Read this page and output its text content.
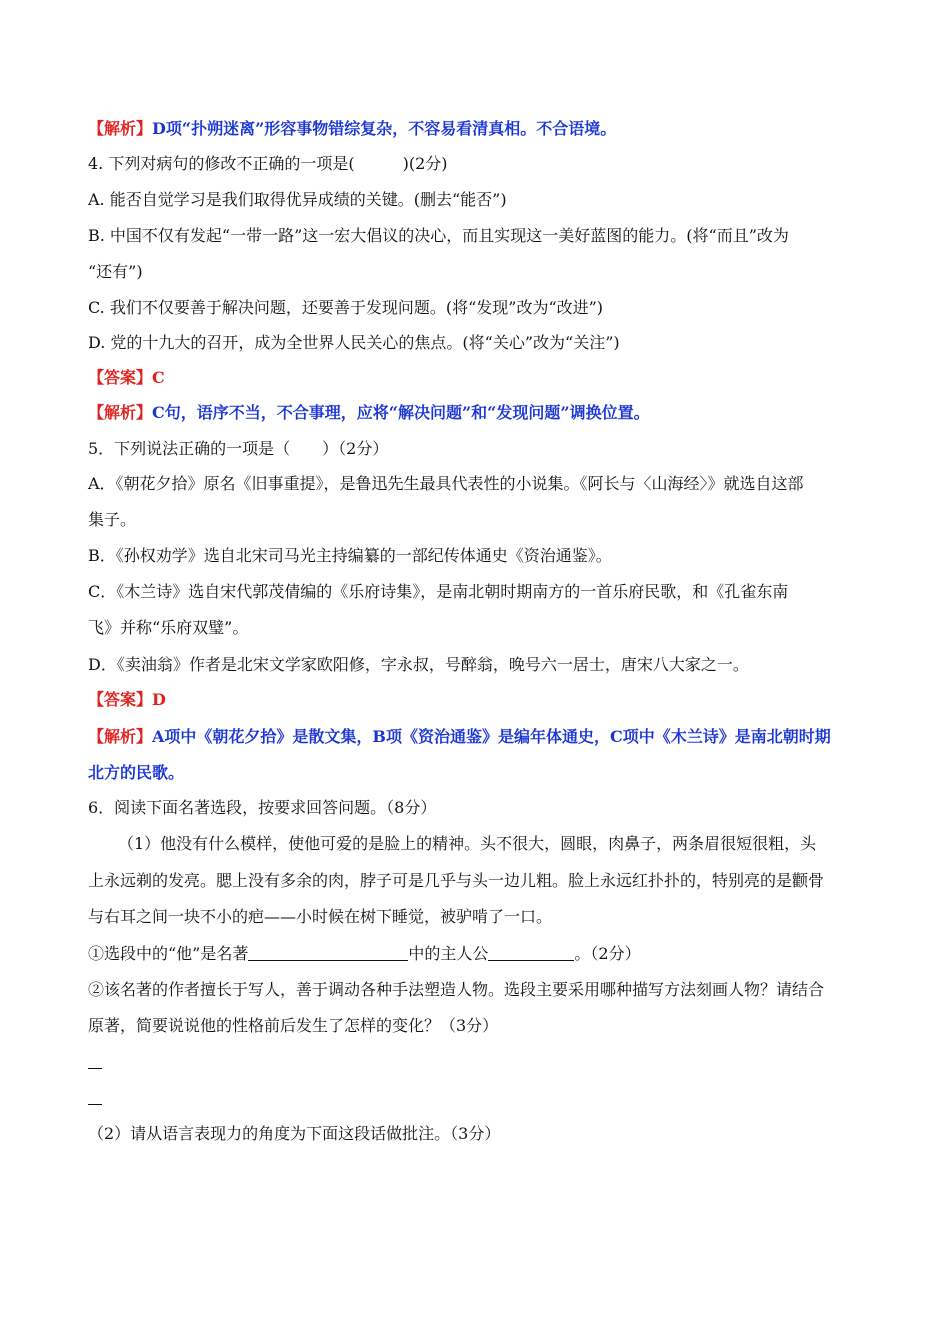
【解析】D项“扑朔迷离”形容事物错综复杂，不容易看清真相。不合语境。
4. 下列对病句的修改不正确的一项是(　　　)(2分)
A. 能否自觉学习是我们取得优异成绩的关键。(删去“能否”)
B. 中国不仅有发起“一带一路”这一宏大倡议的决心，而且实现这一美好蓝图的能力。(将“而且”改为
“还有”)
C. 我们不仅要善于解决问题，还要善于发现问题。(将“发现”改为“改进”)
D. 党的十九大的召开，成为全世界人民关心的焦点。(将“关心”改为“关注”)
【答案】C
【解析】C句，语序不当，不合事理，应将“解决问题”和“发现问题”调换位置。
5．下列说法正确的一项是（　　）（2分）
A．《朝花夕拾》原名《旧事重提》，是鲁迅先生最具代表性的小说集。《阿长与〈山海经〉》就选自这部
集子。
B．《孙权劝学》选自北宋司马光主持编纂的一部纪传体通史《资治通鉴》。
C．《木兰诗》选自宋代郭茂倩编的《乐府诗集》，是南北朝时期南方的一首乐府民歌，和《孔雀东南
飞》并称“乐府双璧”。
D．《卖油翁》作者是北宋文学家欧阳修，字永叔，号醉翁，晚号六一居士，唐宋八大家之一。
【答案】D
【解析】A项中《朝花夕拾》是散文集，B项《资治通鉴》是编年体通史，C项中《木兰诗》是南北朝时期
北方的民歌。
6．阅读下面名著选段，按要求回答问题。（8分）
（1）他没有什么模样，使他可爱的是脸上的精神。头不很大，圆眼，肉鼻子，两条眉很短很粗，头
上永远剃的发亮。腮上没有多余的肉，脖子可是几乎与头一边儿粗。脸上永远红扑扑的，特别亮的是颧骨
与右耳之间一块不小的疤——小时候在树下睡觉，被驴啃了一口。
①选段中的“他”是名著	中的主人公	。（2分）
②该名著的作者擅长于写人，善于调动各种手法塑造人物。选段主要采用哪种描写方法刻画人物？请结合
原著，简要说说他的性格前后发生了怎样的变化？（3分）
（2）请从语言表现力的角度为下面这段话做批注。（3分）
